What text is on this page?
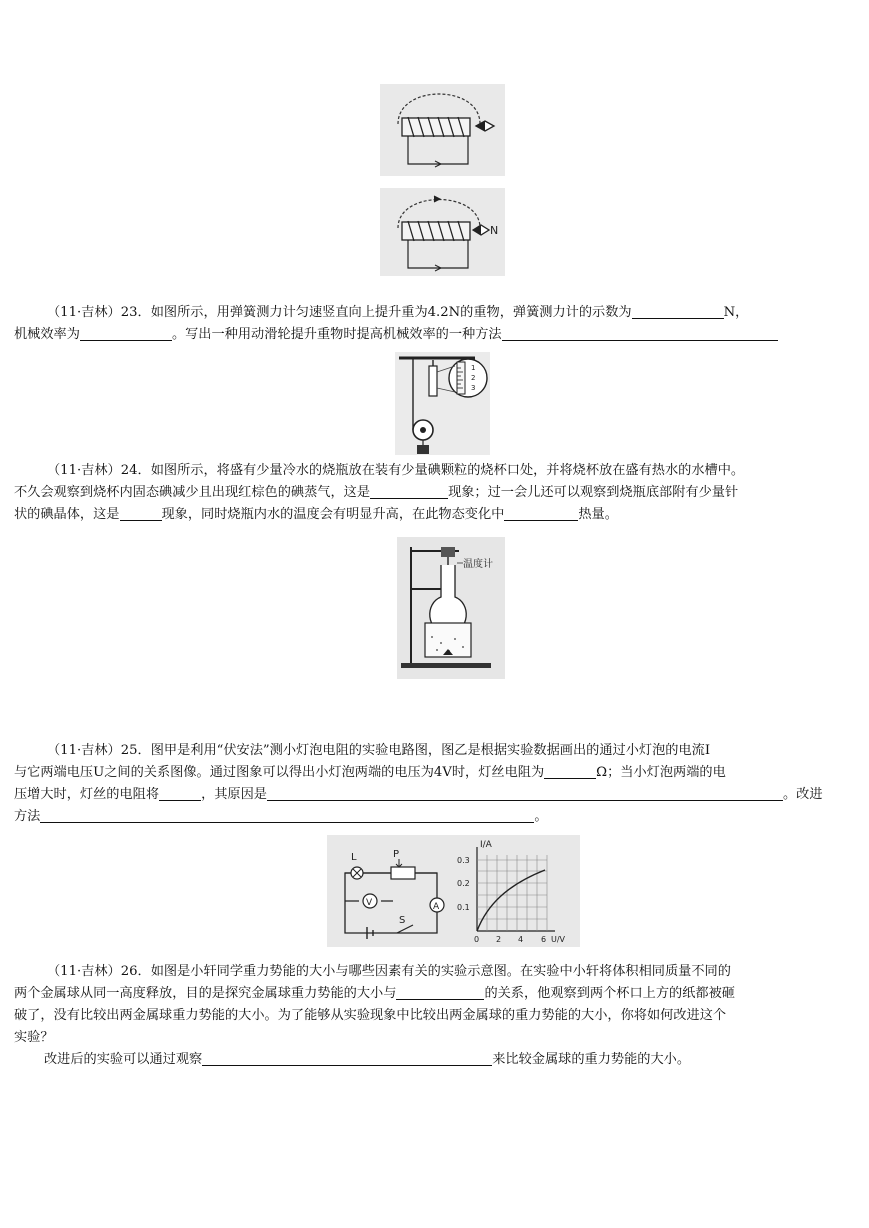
N
（11·吉林）23．如图所示，用弹簧测力计匀速竖直向上提升重为4.2N的重物，弹簧测力计的示数为	N，
机械效率为	。写出一种用动滑轮提升重物时提高机械效率的一种方法
1
2
3
（11·吉林）24．如图所示，将盛有少量冷水的烧瓶放在装有少量碘颗粒的烧杯口处，并将烧杯放在盛有热水的水槽中。
不久会观察到烧杯内固态碘减少且出现红棕色的碘蒸气，这是	现象；过一会儿还可以观察到烧瓶底部附有少量针
状的碘晶体，这是	现象，同时烧瓶内水的温度会有明显升高，在此物态变化中	热量。
温度计
（11·吉林）25．图甲是利用“伏安法”测小灯泡电阻的实验电路图，图乙是根据实验数据画出的通过小灯泡的电流I
与它两端电压U之间的关系图像。通过图象可以得出小灯泡两端的电压为4V时，灯丝电阻为	Ω；当小灯泡两端的电
压增大时，灯丝的电阻将	，其原因是	。改进
方法	。
L	P
V	A
S
I/A
0.3
0.2
0.1
0 2 4 6 U/V
（11·吉林）26．如图是小轩同学重力势能的大小与哪些因素有关的实验示意图。在实验中小轩将体积相同质量不同的
两个金属球从同一高度释放，目的是探究金属球重力势能的大小与	的关系，他观察到两个杯口上方的纸都被砸
破了，没有比较出两金属球重力势能的大小。为了能够从实验现象中比较出两金属球的重力势能的大小，你将如何改进这个
实验？
改进后的实验可以通过观察	来比较金属球的重力势能的大小。
